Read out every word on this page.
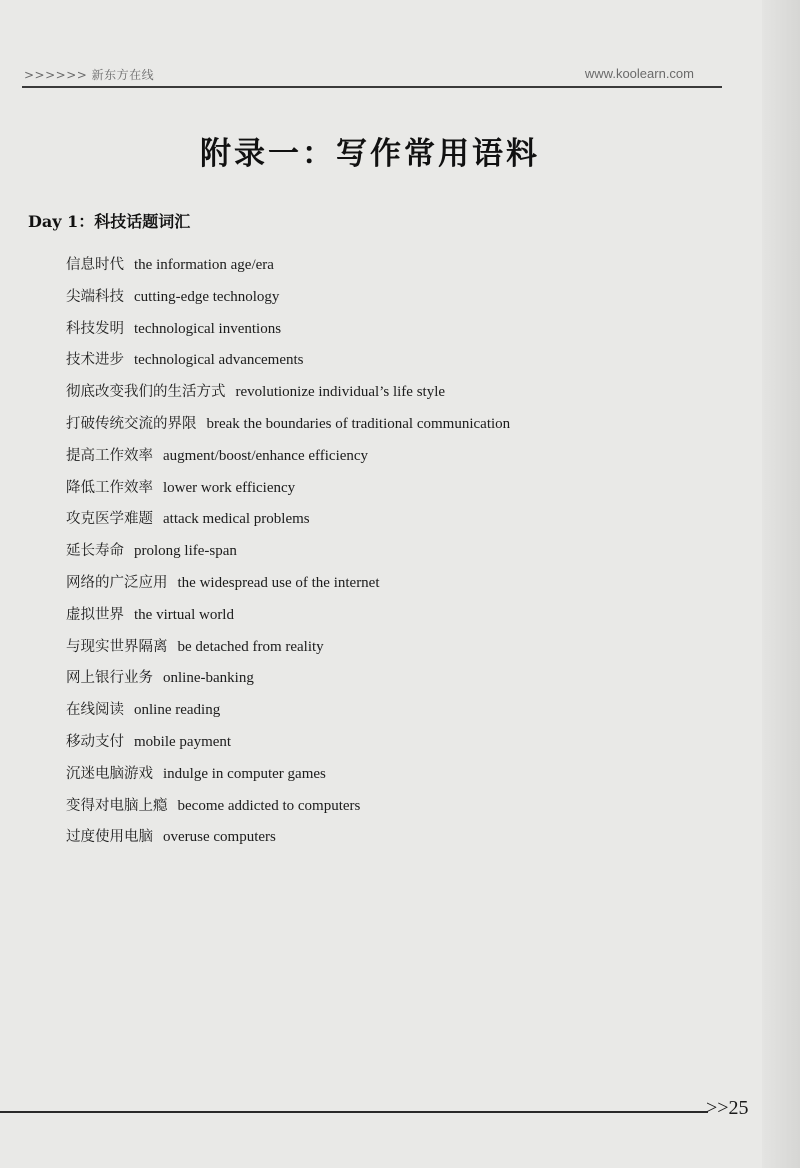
>>>>>> 新东方在线	www.koolearn.com
附录一：写作常用语料
Day 1：科技话题词汇
信息时代 the information age/era
尖端科技 cutting-edge technology
科技发明 technological inventions
技术进步 technological advancements
彻底改变我们的生活方式 revolutionize individual’s life style
打破传统交流的界限 break the boundaries of traditional communication
提高工作效率 augment/boost/enhance efficiency
降低工作效率 lower work efficiency
攻克医学难题 attack medical problems
延长寿命 prolong life-span
网络的广泛应用 the widespread use of the internet
虚拟世界 the virtual world
与现实世界隔离 be detached from reality
网上银行业务 online-banking
在线阅读 online reading
移动支付 mobile payment
沉迷电脑游戏 indulge in computer games
变得对电脑上瘾 become addicted to computers
过度使用电脑 overuse computers
>>25
